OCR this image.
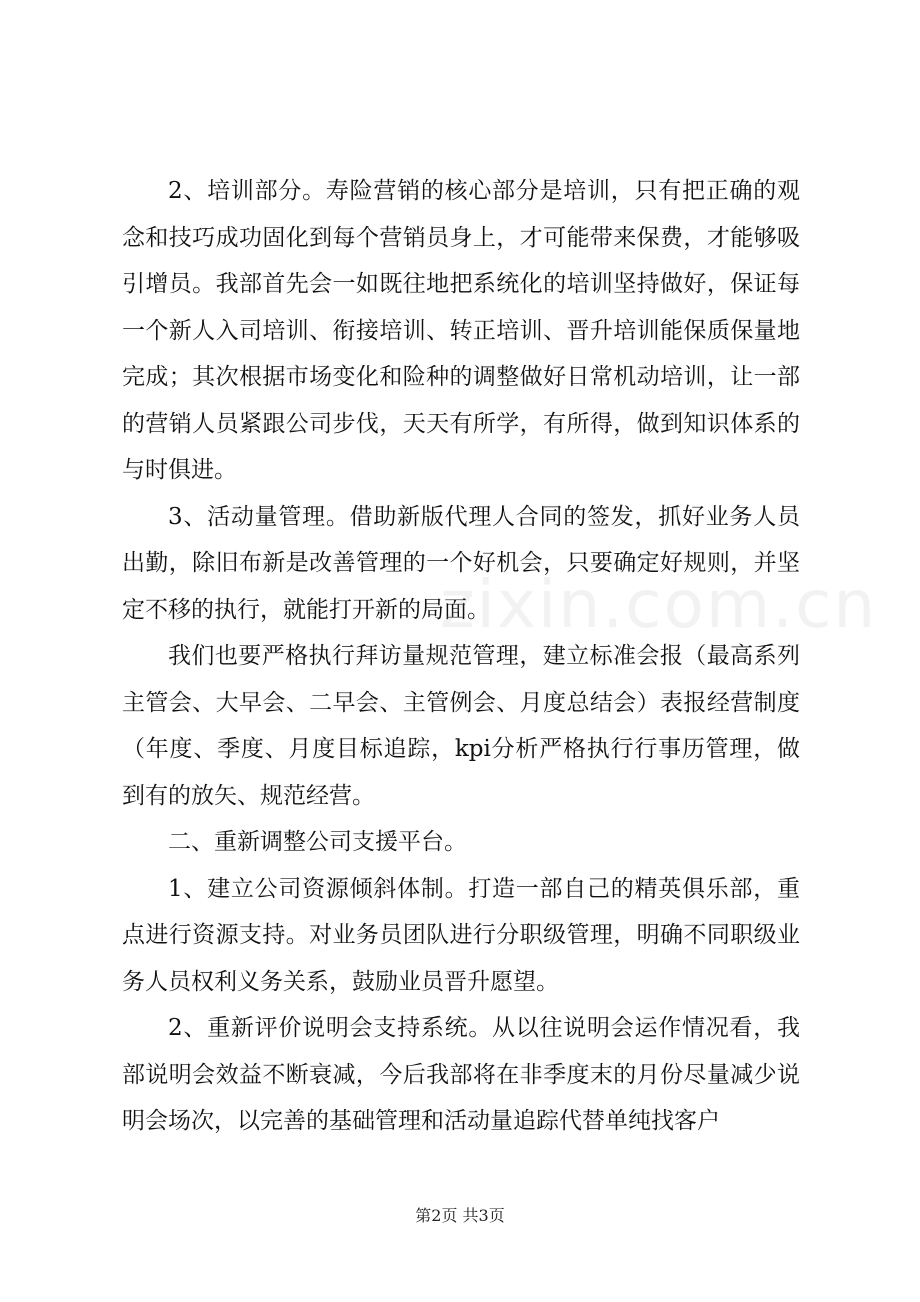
2、培训部分。寿险营销的核心部分是培训，只有把正确的观念和技巧成功固化到每个营销员身上，才可能带来保费，才能够吸引增员。我部首先会一如既往地把系统化的培训坚持做好，保证每一个新人入司培训、衔接培训、转正培训、晋升培训能保质保量地完成；其次根据市场变化和险种的调整做好日常机动培训，让一部的营销人员紧跟公司步伐，天天有所学，有所得，做到知识体系的与时俱进。

3、活动量管理。借助新版代理人合同的签发，抓好业务人员出勤，除旧布新是改善管理的一个好机会，只要确定好规则，并坚定不移的执行，就能打开新的局面。

我们也要严格执行拜访量规范管理，建立标准会报（最高系列主管会、大早会、二早会、主管例会、月度总结会）表报经营制度（年度、季度、月度目标追踪，kpi分析严格执行行事历管理，做到有的放矢、规范经营。

二、重新调整公司支援平台。

1、建立公司资源倾斜体制。打造一部自己的精英俱乐部，重点进行资源支持。对业务员团队进行分职级管理，明确不同职级业务人员权利义务关系，鼓励业员晋升愿望。

2、重新评价说明会支持系统。从以往说明会运作情况看，我部说明会效益不断衰减，今后我部将在非季度末的月份尽量减少说明会场次，以完善的基础管理和活动量追踪代替单纯找客户

zixin.com.cn
第2页 共3页
